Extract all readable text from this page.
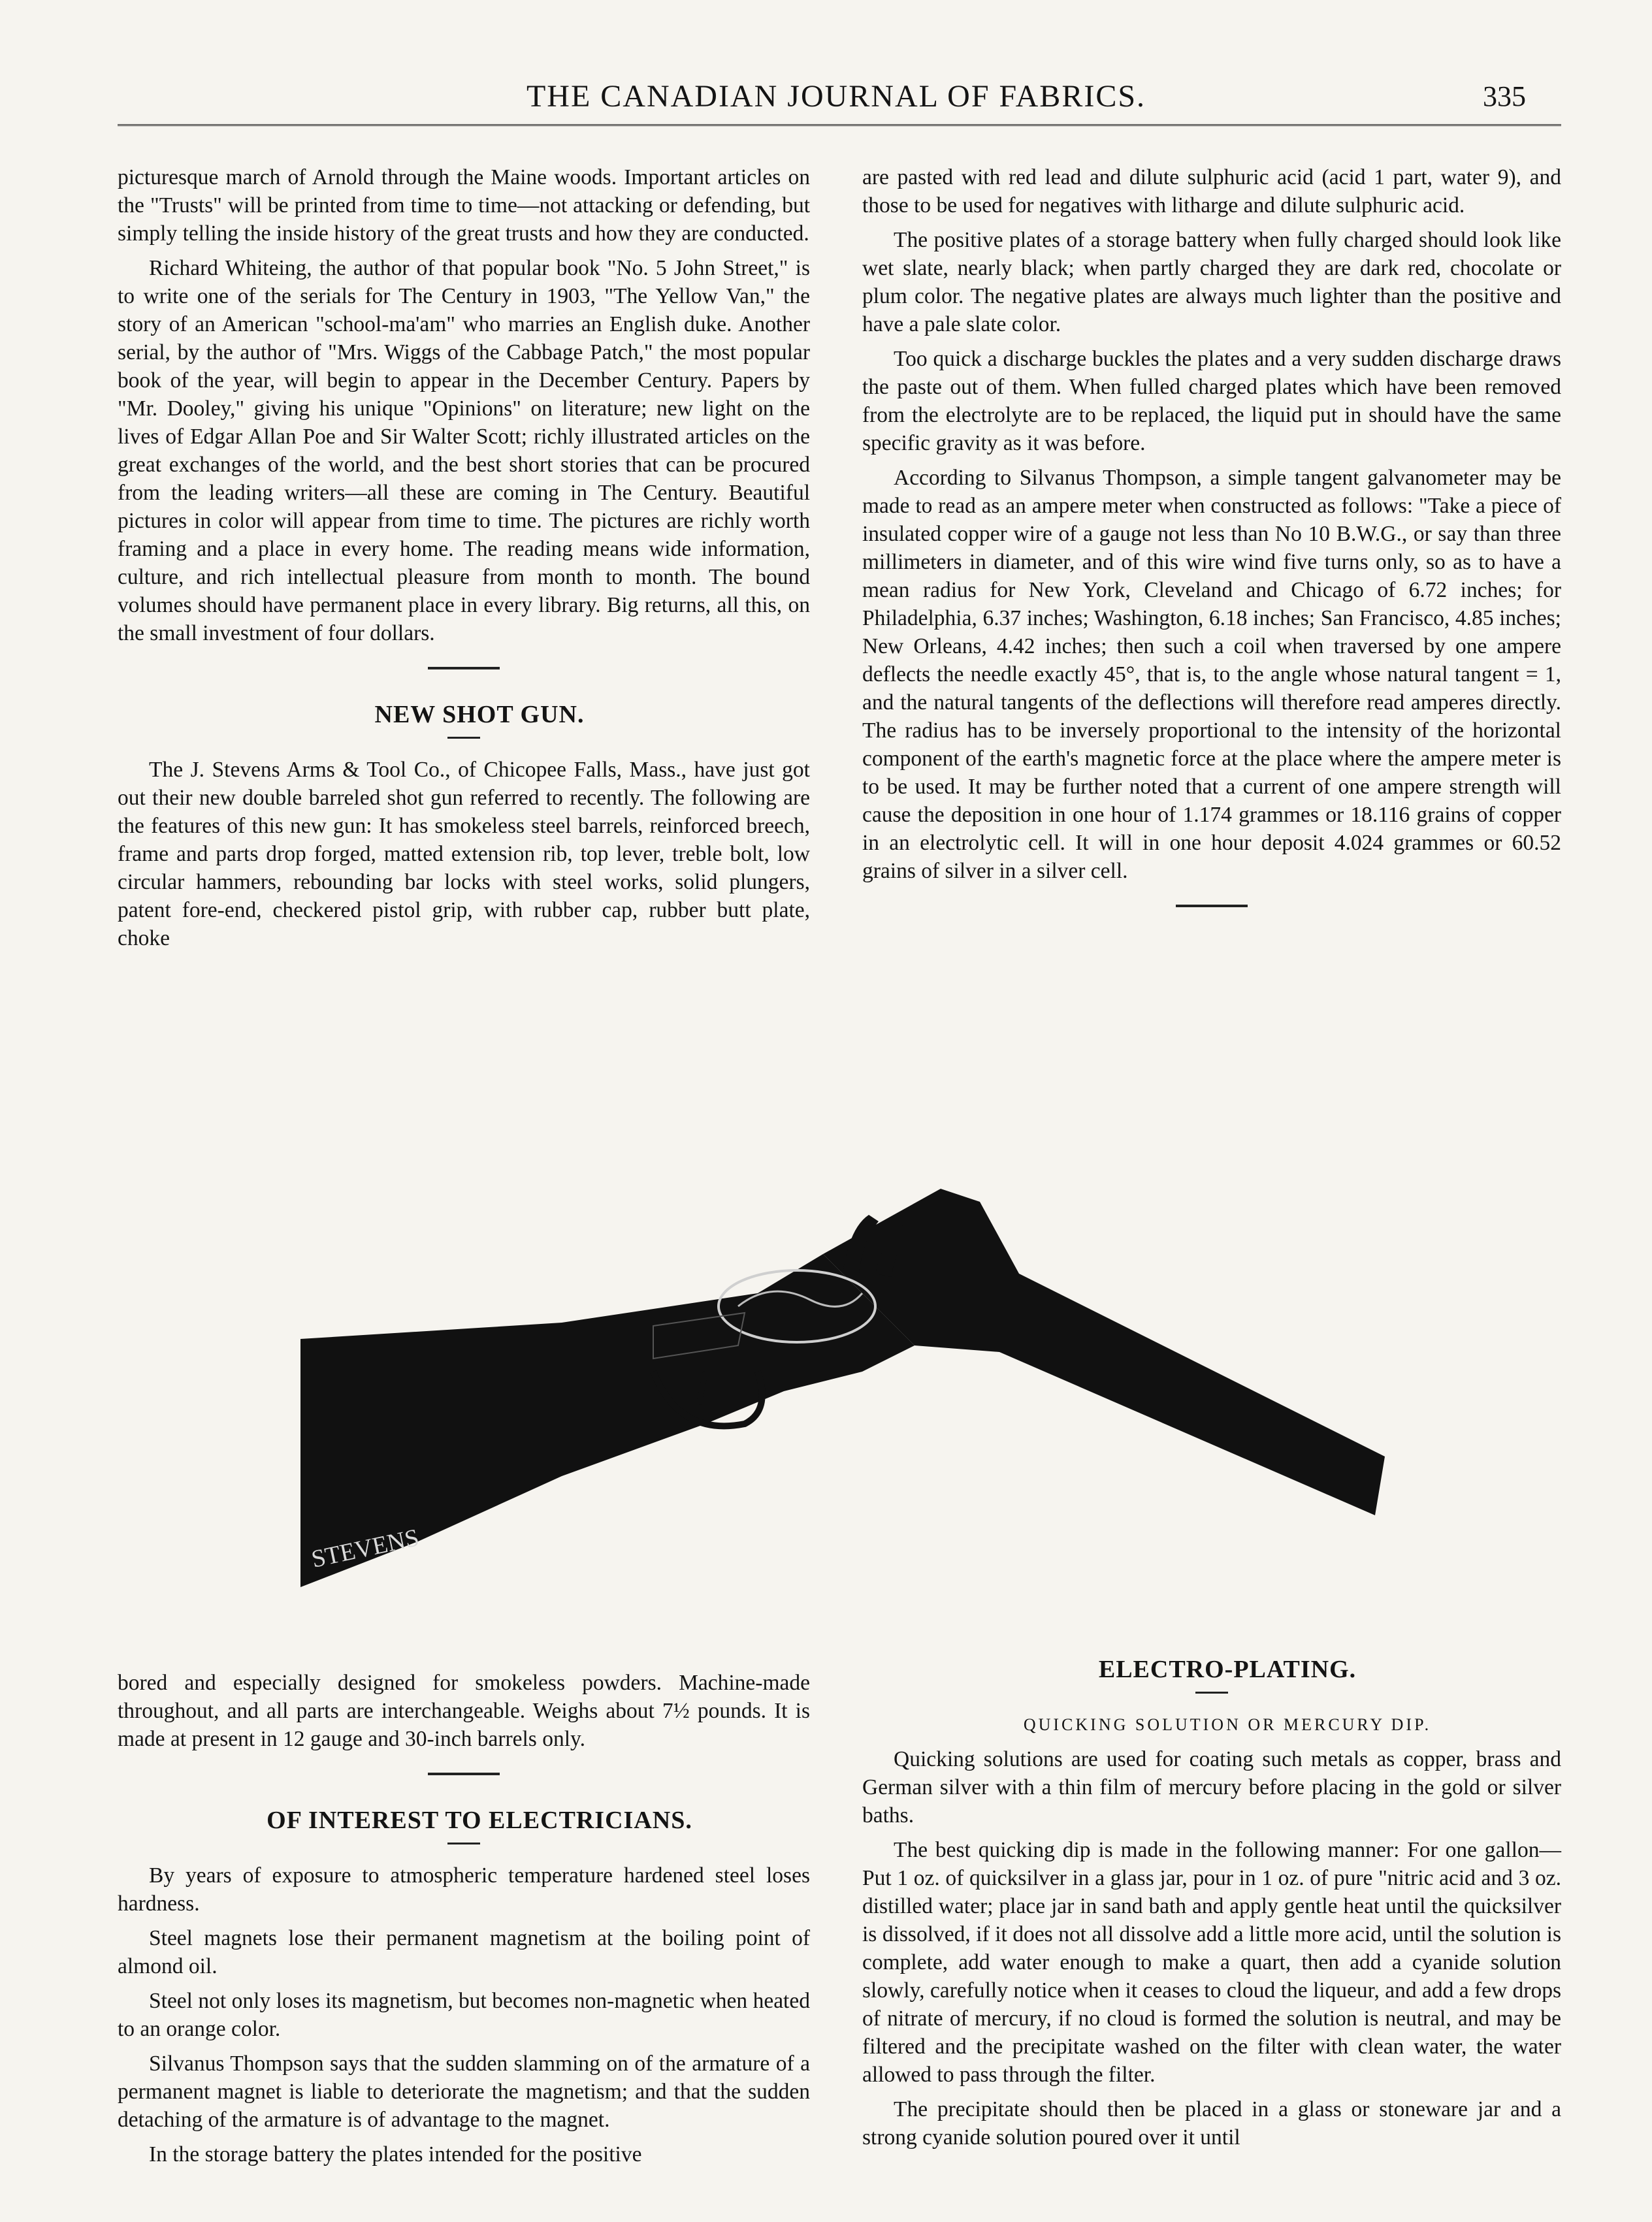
THE CANADIAN JOURNAL OF FABRICS.	335

picturesque march of Arnold through the Maine woods. Important articles on the "Trusts" will be printed from time to time—not attacking or defending, but simply telling the inside history of the great trusts and how they are conducted.

Richard Whiteing, the author of that popular book "No. 5 John Street," is to write one of the serials for The Century in 1903, "The Yellow Van," the story of an American "school-ma'am" who marries an English duke. Another serial, by the author of "Mrs. Wiggs of the Cabbage Patch," the most popular book of the year, will begin to appear in the December Century. Papers by "Mr. Dooley," giving his unique "Opinions" on literature; new light on the lives of Edgar Allan Poe and Sir Walter Scott; richly illustrated articles on the great exchanges of the world, and the best short stories that can be procured from the leading writers—all these are coming in The Century. Beautiful pictures in color will appear from time to time. The pictures are richly worth framing and a place in every home. The reading means wide information, culture, and rich intellectual pleasure from month to month. The bound volumes should have permanent place in every library. Big returns, all this, on the small investment of four dollars.

NEW SHOT GUN.

The J. Stevens Arms & Tool Co., of Chicopee Falls, Mass., have just got out their new double barreled shot gun referred to recently. The following are the features of this new gun: It has smokeless steel barrels, reinforced breech, frame and parts drop forged, matted extension rib, top lever, treble bolt, low circular hammers, rebounding bar locks with steel works, solid plungers, patent fore-end, checkered pistol grip, with rubber cap, rubber butt plate, choke

are pasted with red lead and dilute sulphuric acid (acid 1 part, water 9), and those to be used for negatives with litharge and dilute sulphuric acid.

The positive plates of a storage battery when fully charged should look like wet slate, nearly black; when partly charged they are dark red, chocolate or plum color. The negative plates are always much lighter than the positive and have a pale slate color.

Too quick a discharge buckles the plates and a very sudden discharge draws the paste out of them. When fulled charged plates which have been removed from the electrolyte are to be replaced, the liquid put in should have the same specific gravity as it was before.

According to Silvanus Thompson, a simple tangent galvanometer may be made to read as an ampere meter when constructed as follows: "Take a piece of insulated copper wire of a gauge not less than No 10 B.W.G., or say than three millimeters in diameter, and of this wire wind five turns only, so as to have a mean radius for New York, Cleveland and Chicago of 6.72 inches; for Philadelphia, 6.37 inches; Washington, 6.18 inches; San Francisco, 4.85 inches; New Orleans, 4.42 inches; then such a coil when traversed by one ampere deflects the needle exactly 45°, that is, to the angle whose natural tangent = 1, and the natural tangents of the deflections will therefore read amperes directly. The radius has to be inversely proportional to the intensity of the horizontal component of the earth's magnetic force at the place where the ampere meter is to be used. It may be further noted that a current of one ampere strength will cause the deposition in one hour of 1.174 grammes or 18.116 grains of copper in an electrolytic cell. It will in one hour deposit 4.024 grammes or 60.52 grains of silver in a silver cell.

STEVENS

bored and especially designed for smokeless powders. Machine-made throughout, and all parts are interchangeable. Weighs about 7½ pounds. It is made at present in 12 gauge and 30-inch barrels only.

OF INTEREST TO ELECTRICIANS.

By years of exposure to atmospheric temperature hardened steel loses hardness.

Steel magnets lose their permanent magnetism at the boiling point of almond oil.

Steel not only loses its magnetism, but becomes non-magnetic when heated to an orange color.

Silvanus Thompson says that the sudden slamming on of the armature of a permanent magnet is liable to deteriorate the magnetism; and that the sudden detaching of the armature is of advantage to the magnet.

In the storage battery the plates intended for the positive

ELECTRO-PLATING.

QUICKING SOLUTION OR MERCURY DIP.

Quicking solutions are used for coating such metals as copper, brass and German silver with a thin film of mercury before placing in the gold or silver baths.

The best quicking dip is made in the following manner: For one gallon—Put 1 oz. of quicksilver in a glass jar, pour in 1 oz. of pure "nitric acid and 3 oz. distilled water; place jar in sand bath and apply gentle heat until the quicksilver is dissolved, if it does not all dissolve add a little more acid, until the solution is complete, add water enough to make a quart, then add a cyanide solution slowly, carefully notice when it ceases to cloud the liqueur, and add a few drops of nitrate of mercury, if no cloud is formed the solution is neutral, and may be filtered and the precipitate washed on the filter with clean water, the water allowed to pass through the filter.

The precipitate should then be placed in a glass or stoneware jar and a strong cyanide solution poured over it until
